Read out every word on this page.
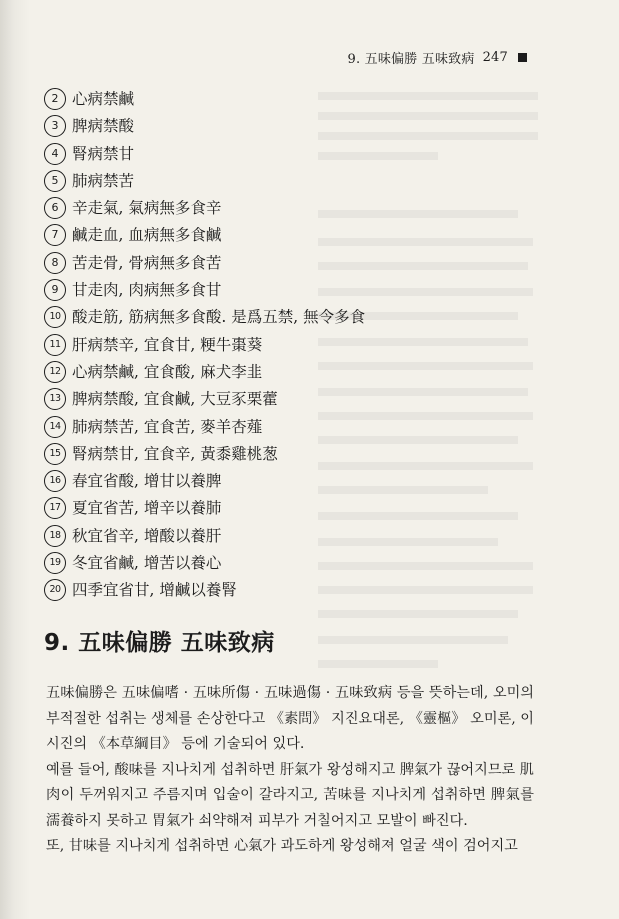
9. 五味偏勝 五味致病 247
2 心病禁鹹
3 脾病禁酸
4 腎病禁甘
5 肺病禁苦
6 辛走氣, 氣病無多食辛
7 鹹走血, 血病無多食鹹
8 苦走骨, 骨病無多食苦
9 甘走肉, 肉病無多食甘
10 酸走筋, 筋病無多食酸. 是爲五禁, 無令多食
11 肝病禁辛, 宜食甘, 粳牛棗葵
12 心病禁鹹, 宜食酸, 麻犬李韭
13 脾病禁酸, 宜食鹹, 大豆豕栗藿
14 肺病禁苦, 宜食苦, 麥羊杏薤
15 腎病禁甘, 宜食辛, 黃黍雞桃葱
16 春宜省酸, 增甘以養脾
17 夏宜省苦, 增辛以養肺
18 秋宜省辛, 增酸以養肝
19 冬宜省鹹, 增苦以養心
20 四季宜省甘, 增鹹以養腎
9. 五味偏勝 五味致病

五味偏勝은 五味偏嗜 · 五味所傷 · 五味過傷 · 五味致病 등을 뜻하는데, 오미의 부적절한 섭취는 생체를 손상한다고 《素問》 지진요대론, 《靈樞》 오미론, 이시진의 《本草綱目》 등에 기술되어 있다.

예를 들어, 酸味를 지나치게 섭취하면 肝氣가 왕성해지고 脾氣가 끊어지므로 肌肉이 두꺼워지고 주름지며 입술이 갈라지고, 苦味를 지나치게 섭취하면 脾氣를 濡養하지 못하고 胃氣가 쇠약해져 피부가 거칠어지고 모발이 빠진다.

또, 甘味를 지나치게 섭취하면 心氣가 과도하게 왕성해져 얼굴 색이 검어지고
